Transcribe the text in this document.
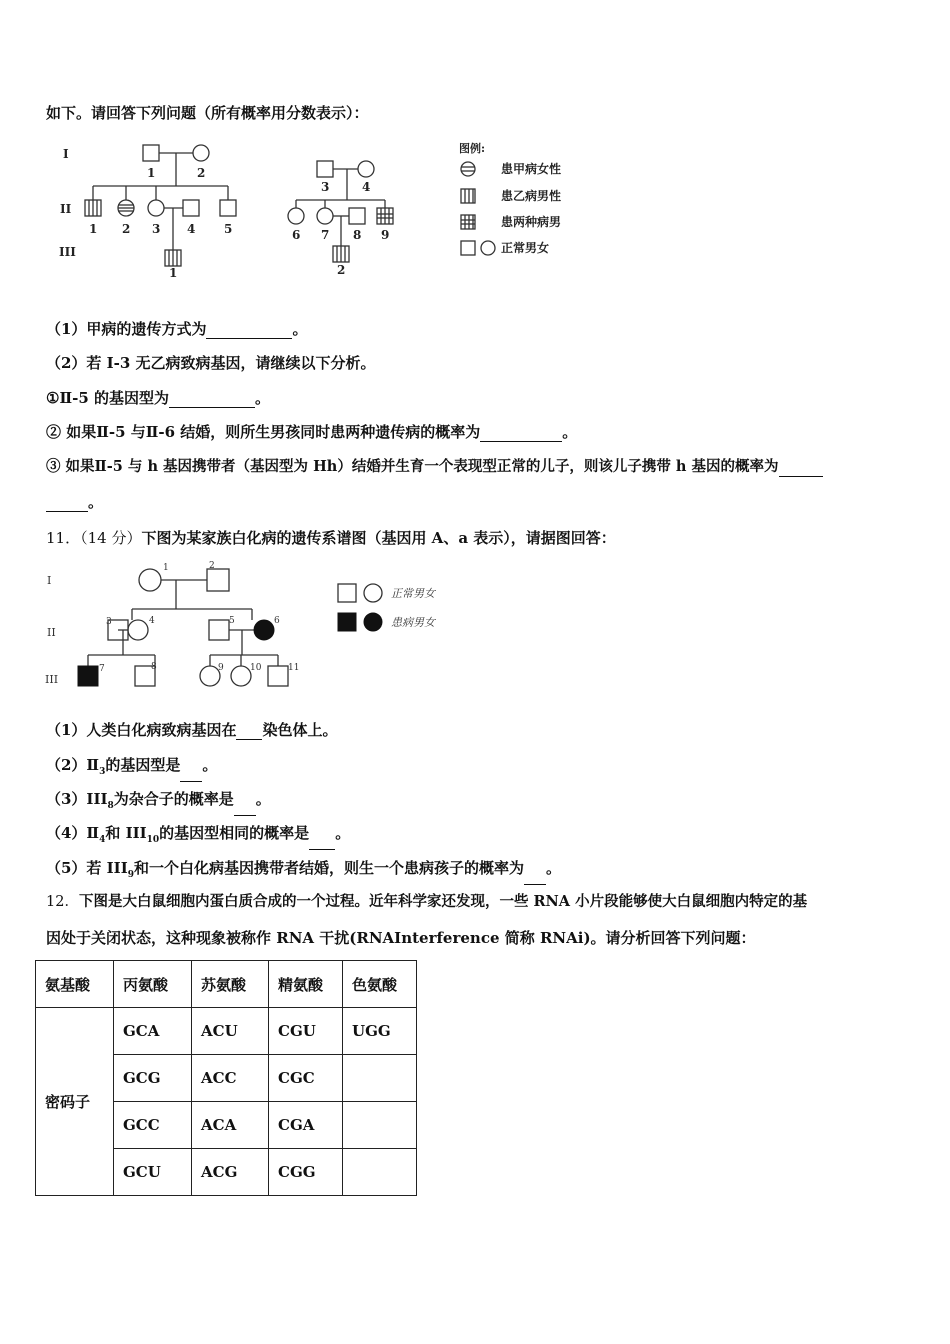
如下。请回答下列问题（所有概率用分数表示）：
I
II
III
1	2
1 2 3 4 5
1
3	4
6 7 8 9
2
图例:
患甲病女性
患乙病男性
患两种病男
正常男女
（1）甲病的遗传方式为	。
（2）若 I-3 无乙病致病基因，请继续以下分析。
①Ⅱ-5 的基因型为	。
② 如果Ⅱ-5 与Ⅱ-6 结婚，则所生男孩同时患两种遗传病的概率为	。
③ 如果Ⅱ-5 与 h 基因携带者（基因型为 Hh）结婚并生育一个表现型正常的儿子，则该儿子携带 h 基因的概率为
。
11．（14 分）下图为某家族白化病的遗传系谱图（基因用 A、a 表示），请据图回答：
I
II
III
1	2
3	4	5	6
7	8	9	10	11
正常男女
患病男女
（1）人类白化病致病基因在 染色体上。
$(2)Ⅱ_3$的基因型是 。
$(3)III_8$为杂合子的概率是 。
$(4)Ⅱ_4$和 $III_{10}$的基因型相同的概率是 。
（5）若 $III_9$和一个白化病基因携带者结婚，则生一个患病孩子的概率为 。
12．下图是大白鼠细胞内蛋白质合成的一个过程。近年科学家还发现，一些 RNA 小片段能够使大白鼠细胞内特定的基
因处于关闭状态，这种现象被称作 RNA 干扰(RNAInterference 简称 RNAi)。请分析回答下列问题：
氨基酸	丙氨酸	苏氨酸	精氨酸	色氨酸
密码子	GCA	ACU	CGU	UGG
	GCG	ACC	CGC	
	GCC	ACA	CGA	
	GCU	ACG	CGG	
